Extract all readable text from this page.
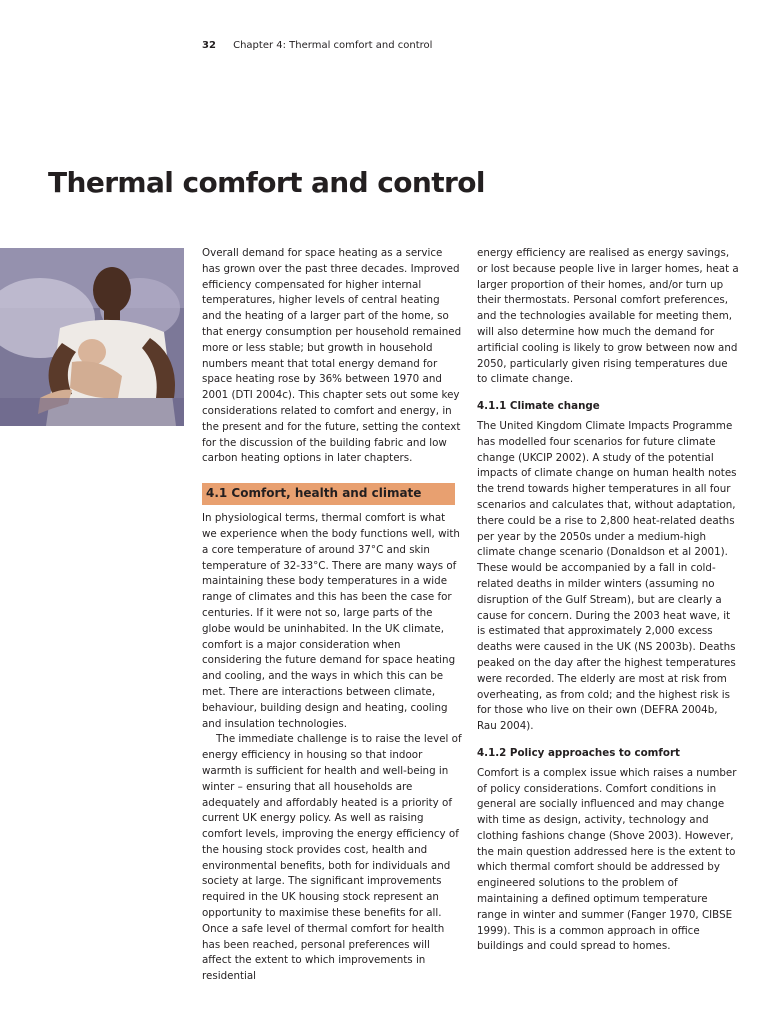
32 Chapter 4: Thermal comfort and control
Thermal comfort and control

Overall demand for space heating as a service has grown over the past three decades. Improved efficiency compensated for higher internal temperatures, higher levels of central heating and the heating of a larger part of the home, so that energy consumption per household remained more or less stable; but growth in household numbers meant that total energy demand for space heating rose by 36% between 1970 and 2001 (DTI 2004c). This chapter sets out some key considerations related to comfort and energy, in the present and for the future, setting the context for the discussion of the building fabric and low carbon heating options in later chapters.

4.1 Comfort, health and climate

In physiological terms, thermal comfort is what we experience when the body functions well, with a core temperature of around 37°C and skin temperature of 32-33°C. There are many ways of maintaining these body temperatures in a wide range of climates and this has been the case for centuries. If it were not so, large parts of the globe would be uninhabited. In the UK climate, comfort is a major consideration when considering the future demand for space heating and cooling, and the ways in which this can be met. There are interactions between climate, behaviour, building design and heating, cooling and insulation technologies.

The immediate challenge is to raise the level of energy efficiency in housing so that indoor warmth is sufficient for health and well-being in winter – ensuring that all households are adequately and affordably heated is a priority of current UK energy policy. As well as raising comfort levels, improving the energy efficiency of the housing stock provides cost, health and environmental benefits, both for individuals and society at large. The significant improvements required in the UK housing stock represent an opportunity to maximise these benefits for all. Once a safe level of thermal comfort for health has been reached, personal preferences will affect the extent to which improvements in residential

energy efficiency are realised as energy savings, or lost because people live in larger homes, heat a larger proportion of their homes, and/or turn up their thermostats. Personal comfort preferences, and the technologies available for meeting them, will also determine how much the demand for artificial cooling is likely to grow between now and 2050, particularly given rising temperatures due to climate change.

4.1.1 Climate change

The United Kingdom Climate Impacts Programme has modelled four scenarios for future climate change (UKCIP 2002). A study of the potential impacts of climate change on human health notes the trend towards higher temperatures in all four scenarios and calculates that, without adaptation, there could be a rise to 2,800 heat-related deaths per year by the 2050s under a medium-high climate change scenario (Donaldson et al 2001). These would be accompanied by a fall in cold-related deaths in milder winters (assuming no disruption of the Gulf Stream), but are clearly a cause for concern. During the 2003 heat wave, it is estimated that approximately 2,000 excess deaths were caused in the UK (NS 2003b). Deaths peaked on the day after the highest temperatures were recorded. The elderly are most at risk from overheating, as from cold; and the highest risk is for those who live on their own (DEFRA 2004b, Rau 2004).

4.1.2 Policy approaches to comfort

Comfort is a complex issue which raises a number of policy considerations. Comfort conditions in general are socially influenced and may change with time as design, activity, technology and clothing fashions change (Shove 2003). However, the main question addressed here is the extent to which thermal comfort should be addressed by engineered solutions to the problem of maintaining a defined optimum temperature range in winter and summer (Fanger 1970, CIBSE 1999). This is a common approach in office buildings and could spread to homes.
